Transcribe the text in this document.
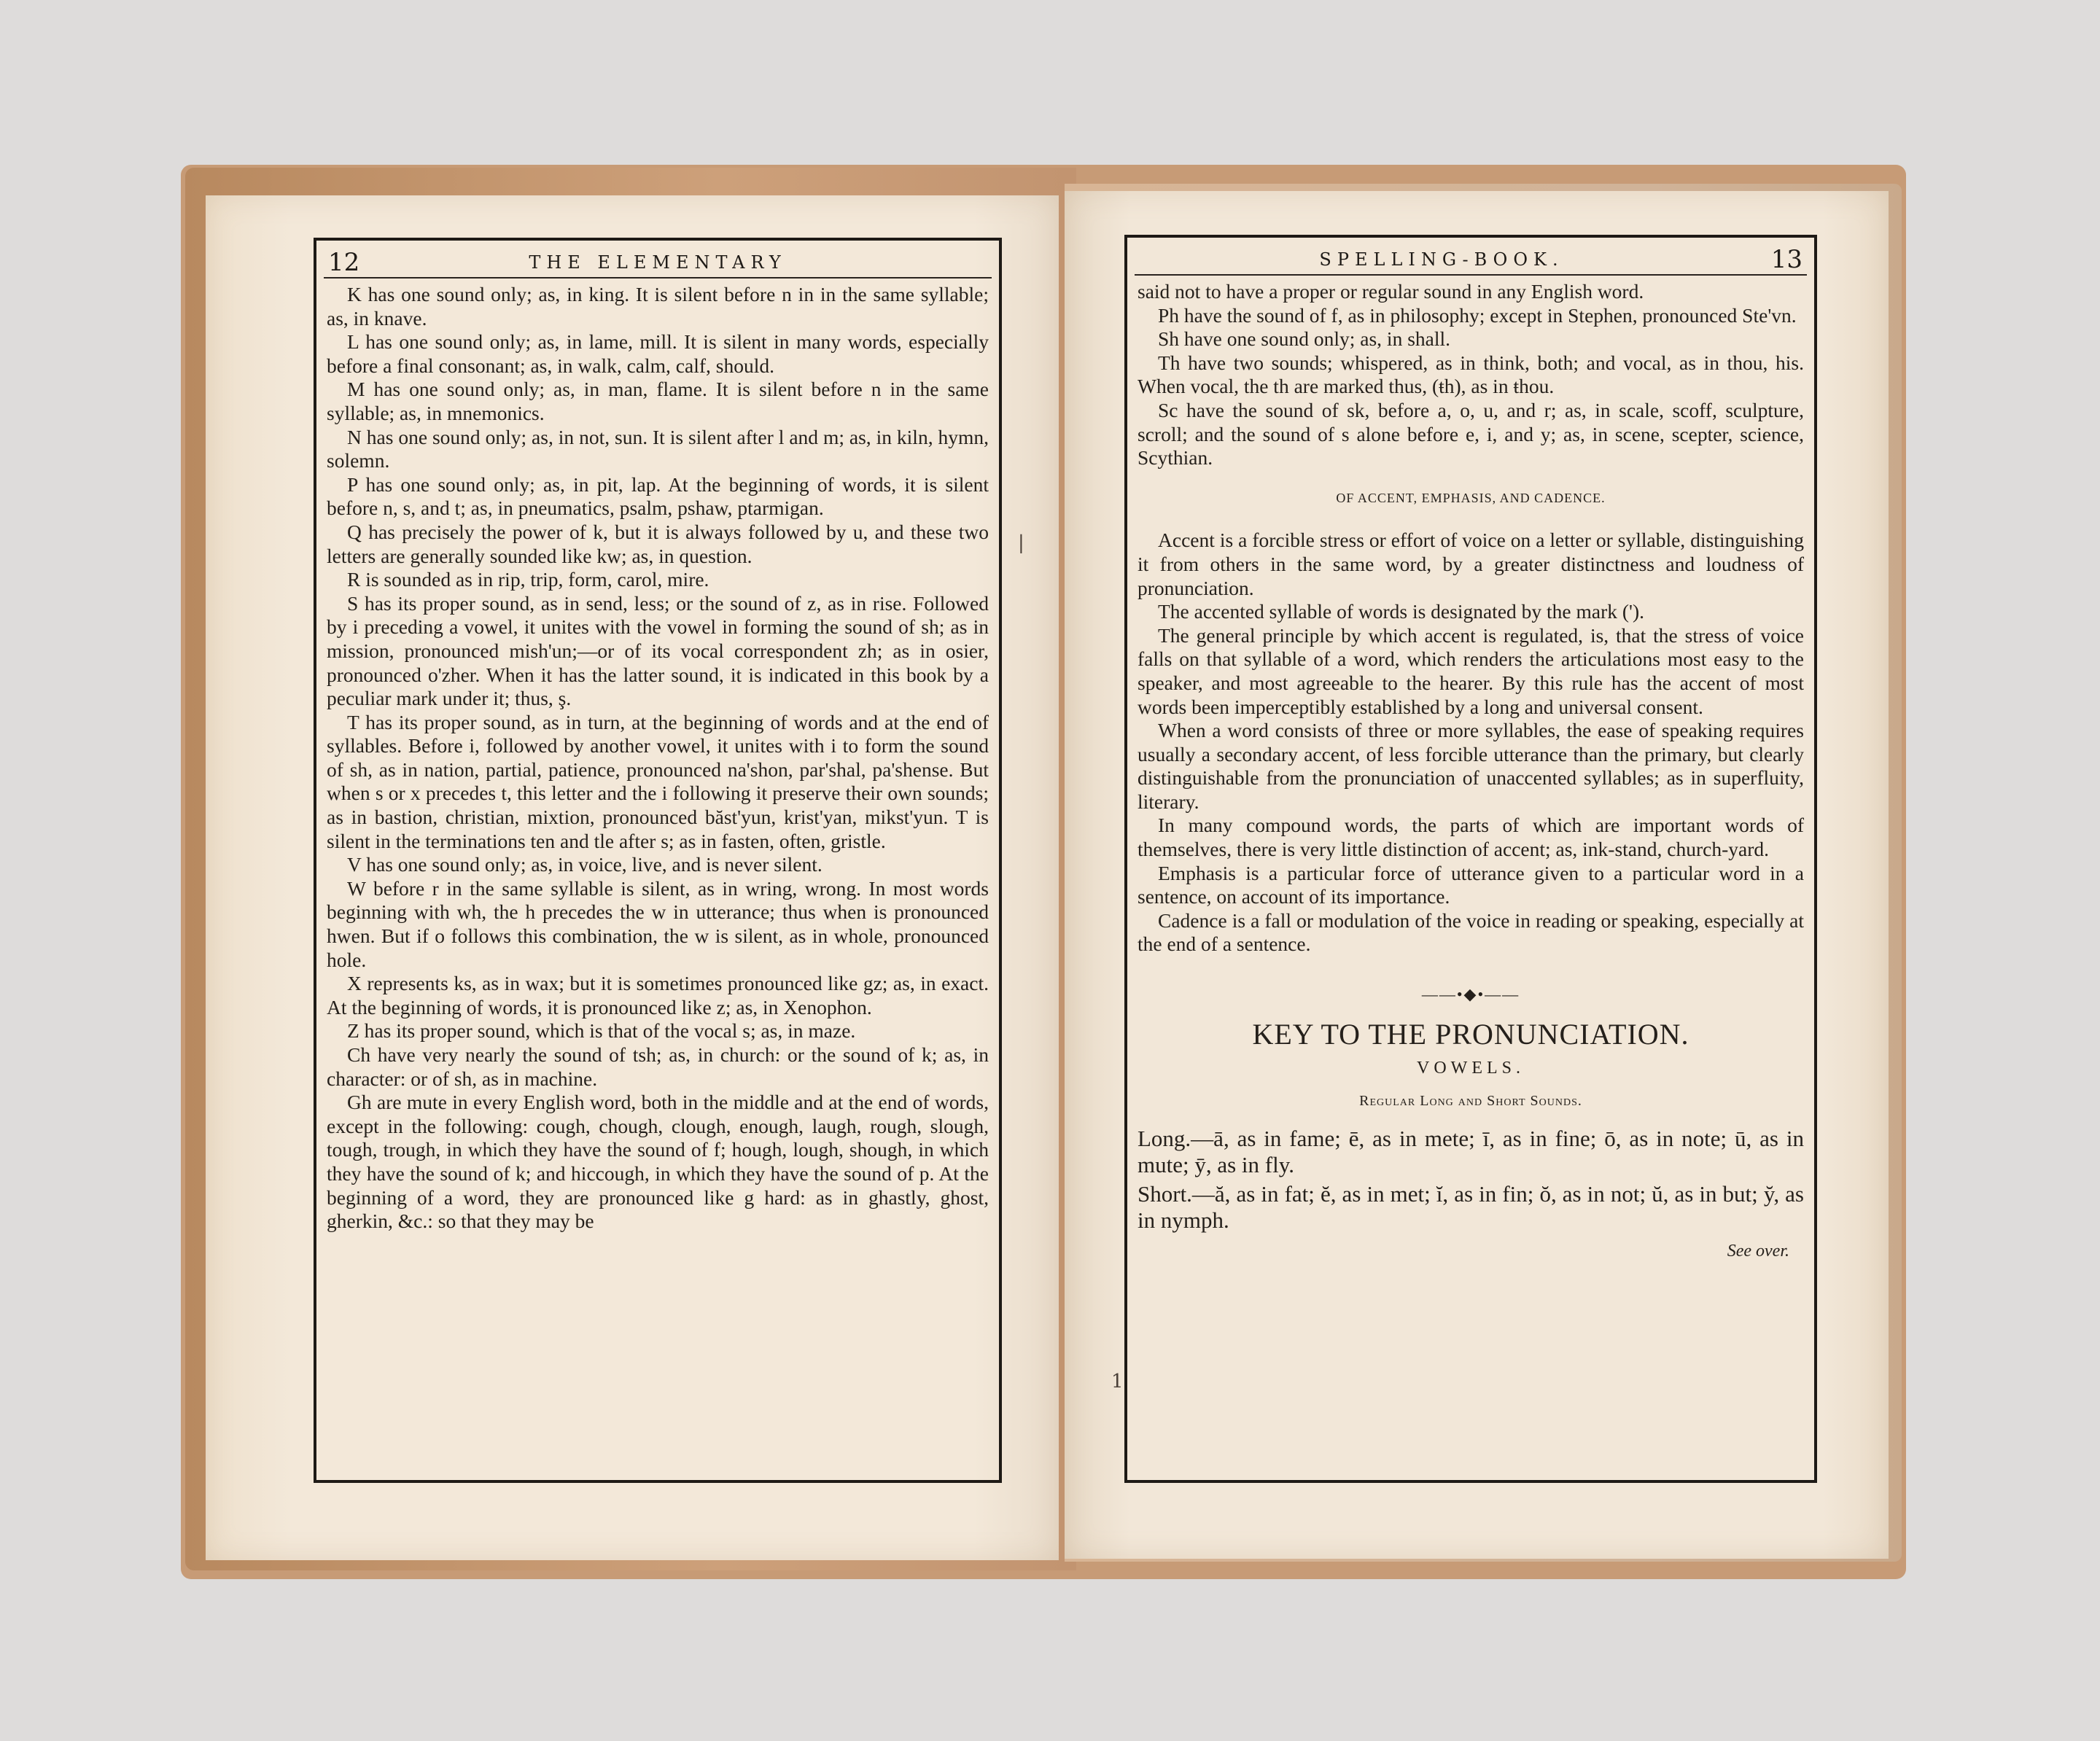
12	THE ELEMENTARY

K has one sound only; as, in king. It is silent before n in in the same syllable; as, in knave.

L has one sound only; as, in lame, mill. It is silent in many words, especially before a final consonant; as, in walk, calm, calf, should.

M has one sound only; as, in man, flame. It is silent before n in the same syllable; as, in mnemonics.

N has one sound only; as, in not, sun. It is silent after l and m; as, in kiln, hymn, solemn.

P has one sound only; as, in pit, lap. At the beginning of words, it is silent before n, s, and t; as, in pneumatics, psalm, pshaw, ptarmigan.

Q has precisely the power of k, but it is always followed by u, and these two letters are generally sounded like kw; as, in question.

R is sounded as in rip, trip, form, carol, mire.

S has its proper sound, as in send, less; or the sound of z, as in rise. Followed by i preceding a vowel, it unites with the vowel in forming the sound of sh; as in mission, pronounced mish'un;—or of its vocal correspondent zh; as in osier, pronounced o'zher. When it has the latter sound, it is indicated in this book by a peculiar mark under it; thus, ş.

T has its proper sound, as in turn, at the beginning of words and at the end of syllables. Before i, followed by another vowel, it unites with i to form the sound of sh, as in nation, partial, patience, pronounced na'shon, par'shal, pa'shense. But when s or x precedes t, this letter and the i following it preserve their own sounds; as in bastion, christian, mixtion, pronounced băst'yun, krist'yan, mikst'yun. T is silent in the terminations ten and tle after s; as in fasten, often, gristle.

V has one sound only; as, in voice, live, and is never silent.

W before r in the same syllable is silent, as in wring, wrong. In most words beginning with wh, the h precedes the w in utterance; thus when is pronounced hwen. But if o follows this combination, the w is silent, as in whole, pronounced hole.

X represents ks, as in wax; but it is sometimes pronounced like gz; as, in exact. At the beginning of words, it is pronounced like z; as, in Xenophon.

Z has its proper sound, which is that of the vocal s; as, in maze.

Ch have very nearly the sound of tsh; as, in church: or the sound of k; as, in character: or of sh, as in machine.

Gh are mute in every English word, both in the middle and at the end of words, except in the following: cough, chough, clough, enough, laugh, rough, slough, tough, trough, in which they have the sound of f; hough, lough, shough, in which they have the sound of k; and hiccough, in which they have the sound of p. At the beginning of a word, they are pronounced like g hard: as in ghastly, ghost, gherkin, &c.: so that they may be

SPELLING-BOOK.	13

said not to have a proper or regular sound in any English word.

Ph have the sound of f, as in philosophy; except in Stephen, pronounced Ste'vn.

Sh have one sound only; as, in shall.

Th have two sounds; whispered, as in think, both; and vocal, as in thou, his. When vocal, the th are marked thus, (ŧh), as in ŧhou.

Sc have the sound of sk, before a, o, u, and r; as, in scale, scoff, sculpture, scroll; and the sound of s alone before e, i, and y; as, in scene, scepter, science, Scythian.

OF ACCENT, EMPHASIS, AND CADENCE.

Accent is a forcible stress or effort of voice on a letter or syllable, distinguishing it from others in the same word, by a greater distinctness and loudness of pronunciation.

The accented syllable of words is designated by the mark (').

The general principle by which accent is regulated, is, that the stress of voice falls on that syllable of a word, which renders the articulations most easy to the speaker, and most agreeable to the hearer. By this rule has the accent of most words been imperceptibly established by a long and universal consent.

When a word consists of three or more syllables, the ease of speaking requires usually a secondary accent, of less forcible utterance than the primary, but clearly distinguishable from the pronunciation of unaccented syllables; as in superfluity, literary.

In many compound words, the parts of which are important words of themselves, there is very little distinction of accent; as, ink-stand, church-yard.

Emphasis is a particular force of utterance given to a particular word in a sentence, on account of its importance.

Cadence is a fall or modulation of the voice in reading or speaking, especially at the end of a sentence.

——•◆•——
KEY TO THE PRONUNCIATION.
VOWELS.
Regular Long and Short Sounds.

Long.—ā, as in fame; ē, as in mete; ī, as in fine; ō, as in note; ū, as in mute; ȳ, as in fly.

Short.—ă, as in fat; ĕ, as in met; ĭ, as in fin; ŏ, as in not; ŭ, as in but; y̆, as in nymph.

See over.
|
1
